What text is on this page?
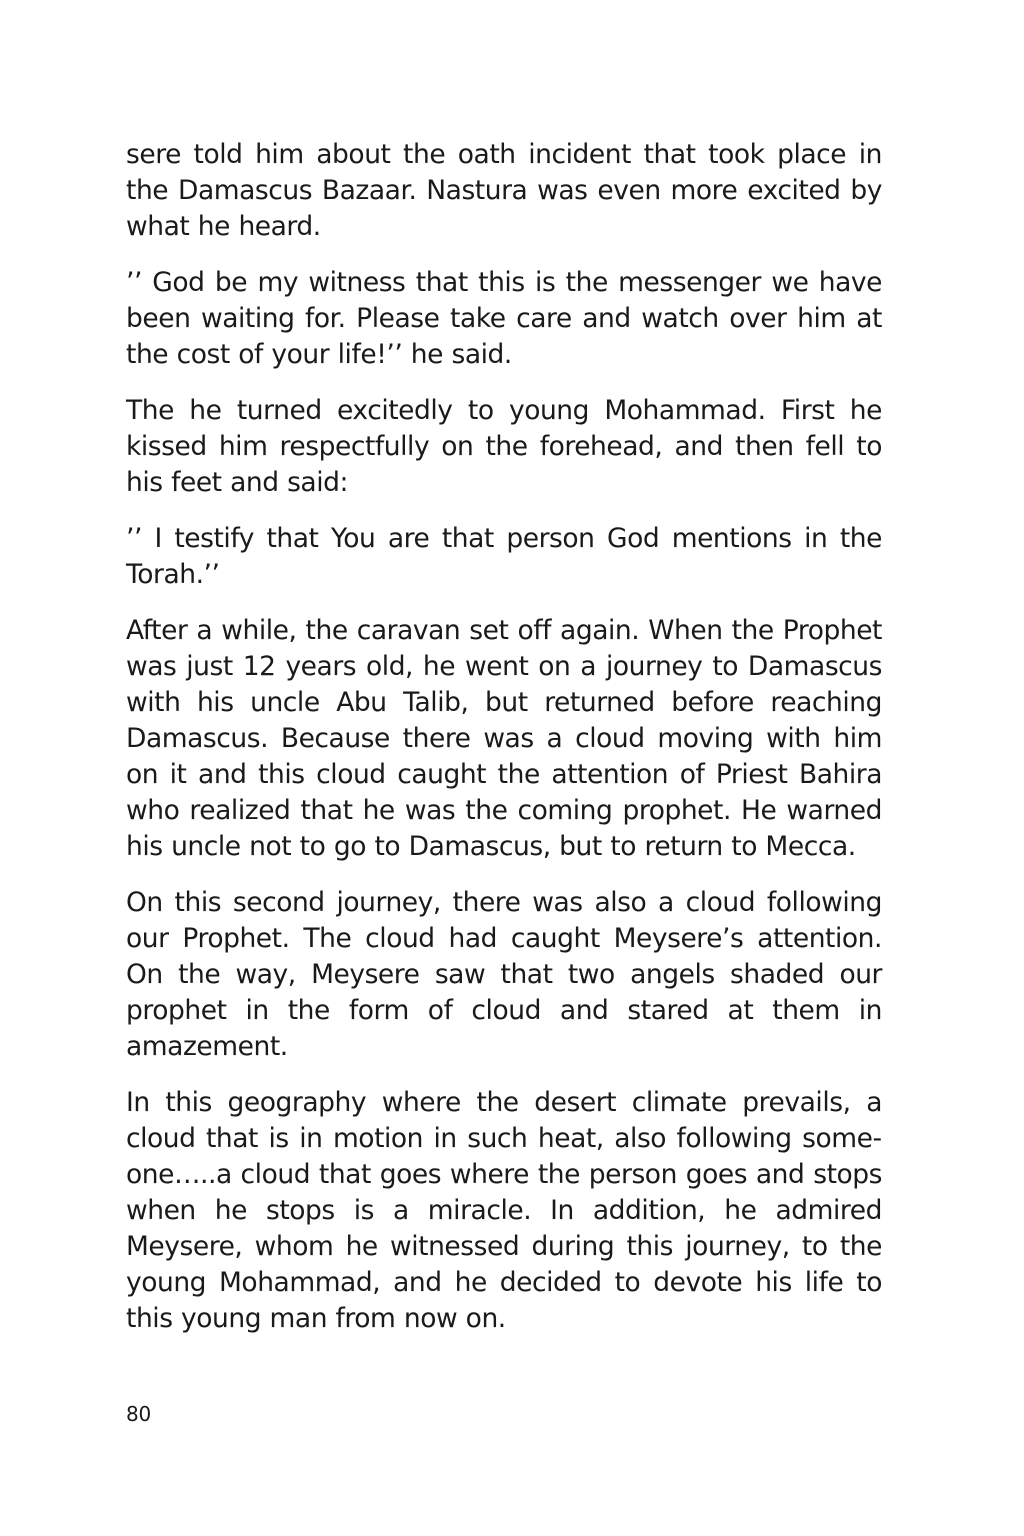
sere told him about the oath incident that took place in the Damascus Bazaar. Nastura was even more excited by what he heard.

’’ God be my witness that this is the messenger we have been waiting for. Please take care and watch over him at the cost of your life!’’ he said.

The he turned excitedly to young Mohammad. First he kissed him respectfully on the forehead, and then fell to his feet and said:

’’ I testify that You are that person God mentions in the Torah.’’

After a while, the caravan set off again. When the Prophet was just 12 years old, he went on a journey to Damascus with his uncle Abu Talib, but returned before reaching Damascus. Because there was a cloud moving with him on it and this cloud caught the attention of Priest Bahira who realized that he was the coming prophet. He warned his uncle not to go to Damascus, but to return to Mecca.

On this second journey, there was also a cloud following our Prophet. The cloud had caught Meysere’s attention. On the way, Meysere saw that two angels shaded our prophet in the form of cloud and stared at them in amazement.

In this geography where the desert climate prevails, a cloud that is in motion in such heat, also following someone…..a cloud that goes where the person goes and stops when he stops is a miracle. In addition, he admired Meysere, whom he witnessed during this journey, to the young Mohammad, and he decided to devote his life to this young man from now on.

80
